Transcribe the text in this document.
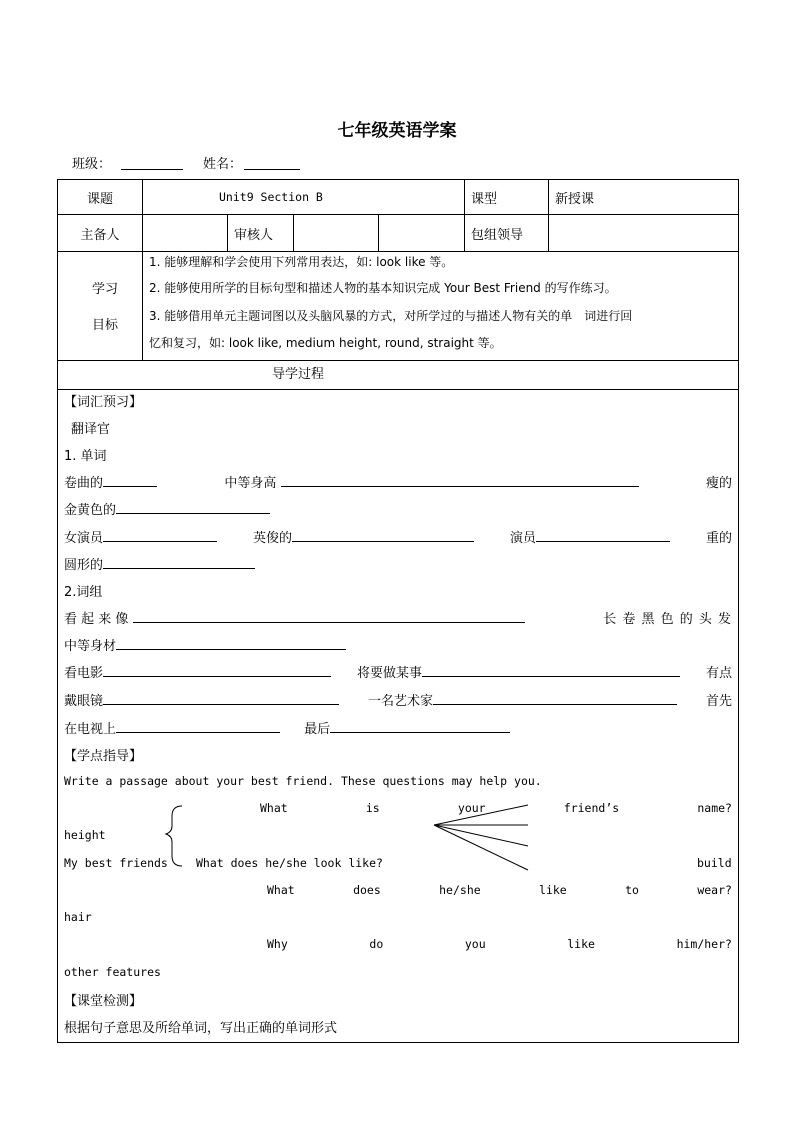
七年级英语学案
班级：	姓名：
课题	Unit9 Section B	课型	新授课
主备人	审核人	包组领导
学习
目标
1. 能够理解和学会使用下列常用表达，如: look like 等。
2. 能够使用所学的目标句型和描述人物的基本知识完成 Your Best Friend 的写作练习。
3. 能够借用单元主题词图以及头脑风暴的方式，对所学过的与描述人物有关的单　词进行回
忆和复习，如: look like, medium height, round, straight 等。
导学过程
【词汇预习】
翻译官
1. 单词
卷曲的	中等身高	瘦的
金黄色的
女演员	英俊的	演员	重的
圆形的
2.词组
看 起 来 像	长 卷 黑 色 的 头 发
中等身材
看电影	将要做某事	有点
戴眼镜	一名艺术家	首先
在电视上	最后
【学点指导】
Write a passage about your best friend. These questions may help you.
What	is	your	friend’s	name?
height
My best friends What does he/she look like?	build
What	does	he/she	like	to	wear?
hair
Why	do	you	like	him/her?
other features
【课堂检测】
根据句子意思及所给单词，写出正确的单词形式
